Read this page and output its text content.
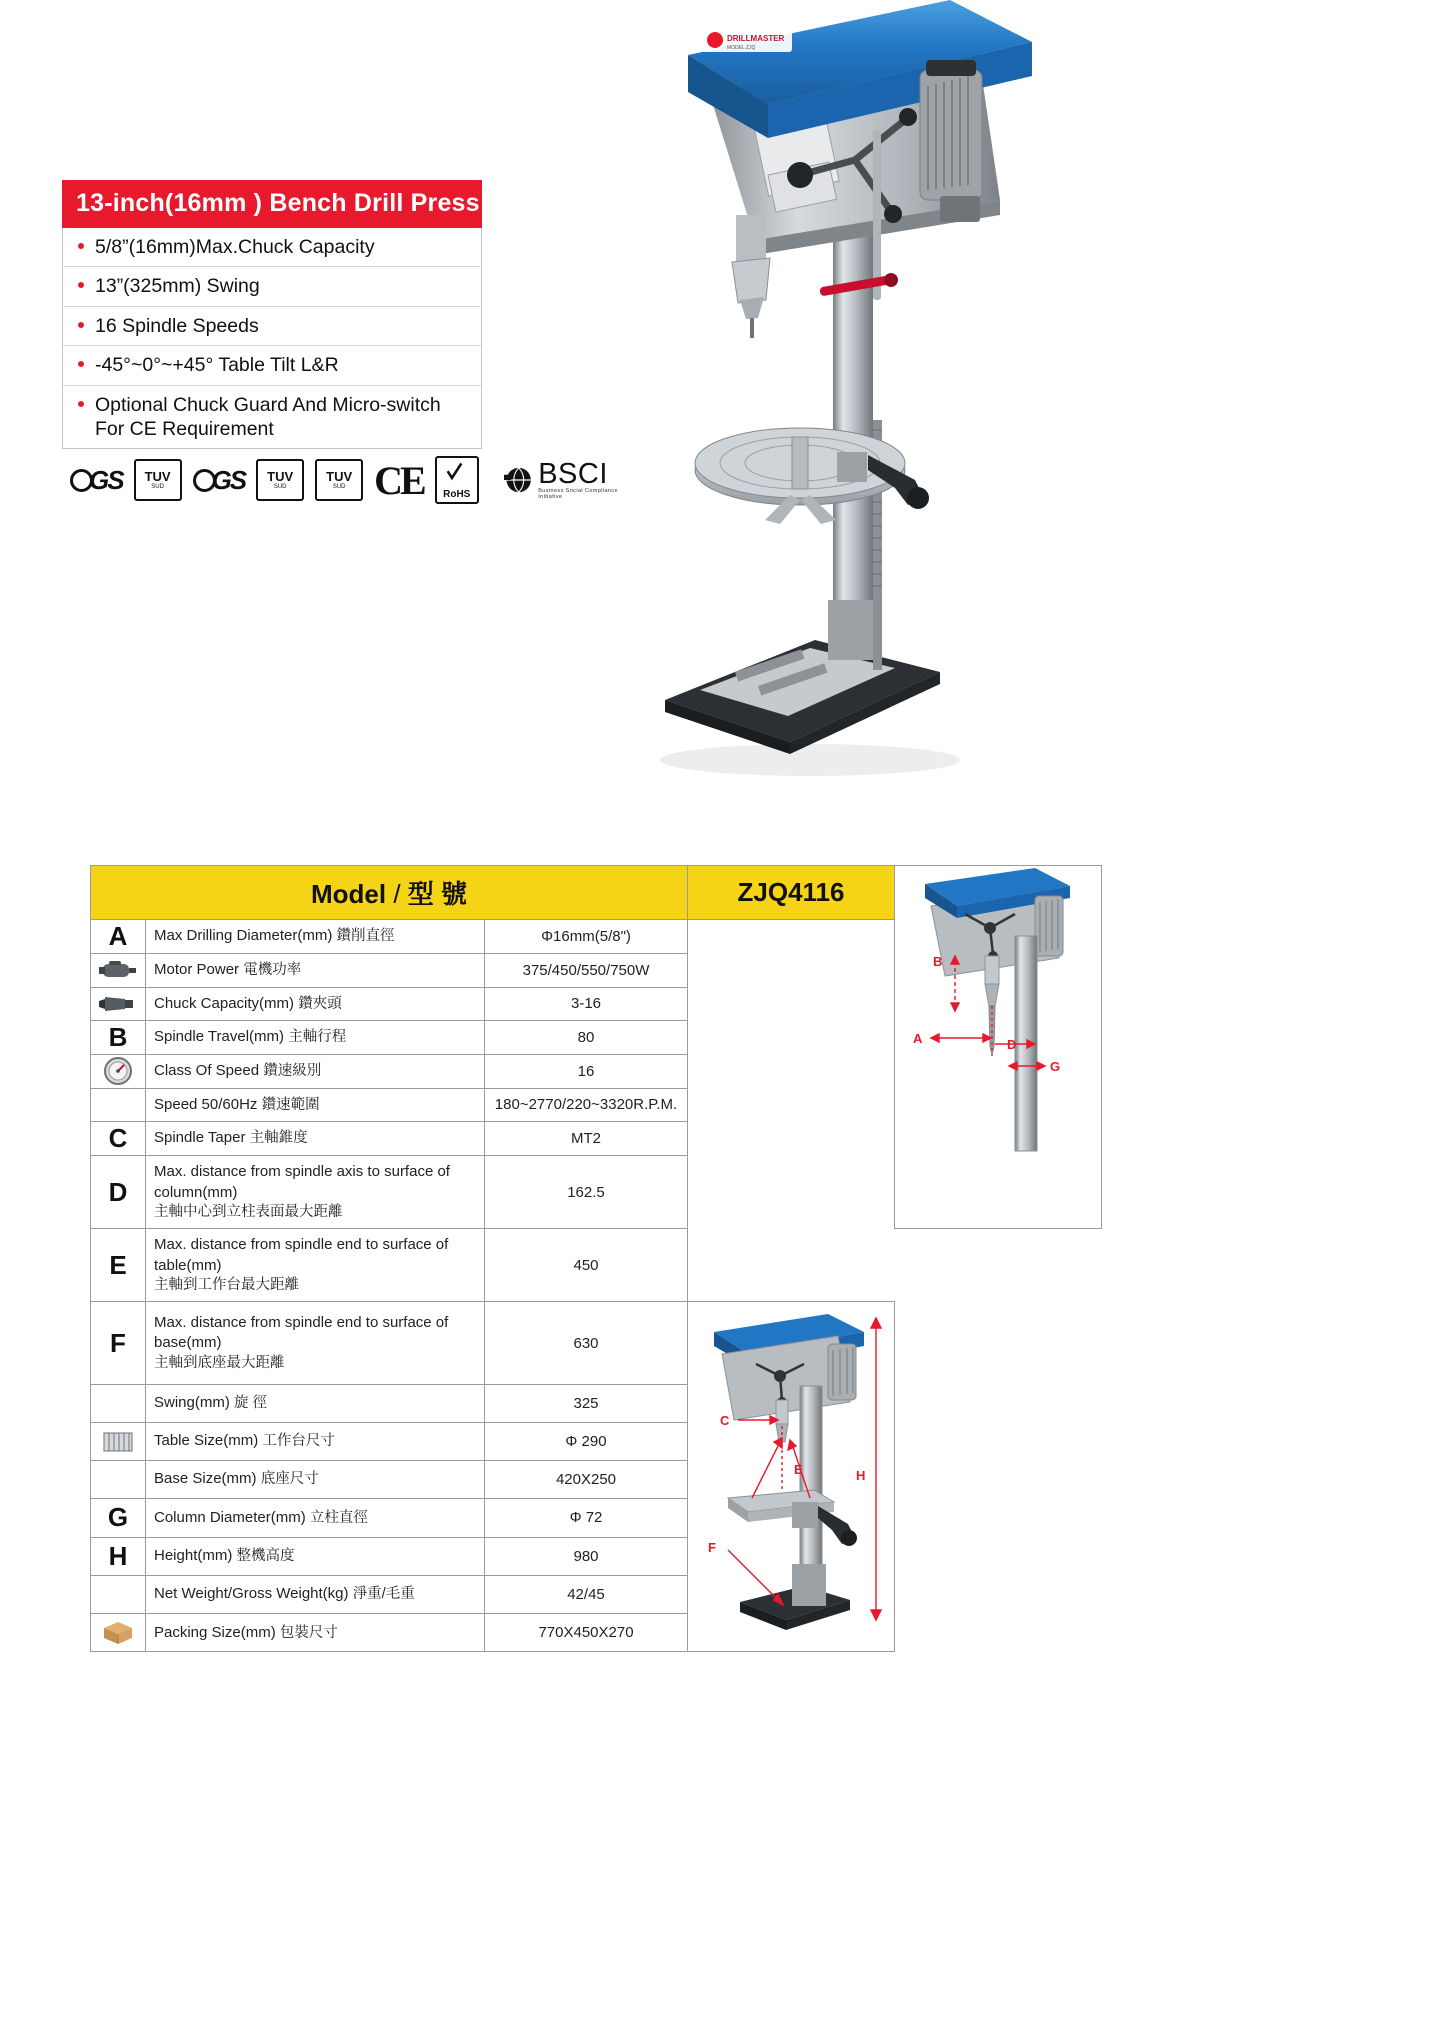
DRILLMASTER
MODEL ZJQ
13-inch(16mm ) Bench Drill Press
5/8”(16mm)Max.Chuck Capacity
13”(325mm) Swing
16 Spindle Speeds
-45°~0°~+45° Table Tilt L&R
Optional Chuck Guard And Micro-switch For CE Requirement
GS TUV
SUD GS TUV
SUD
TUV
SUD CE RoHS
BSCI
Business Social Compliance Initiative
Model / 型 號			ZJQ4116	B
A D
G

A	Max Drilling Diameter(mm) 鑽削直徑	Φ16mm(5/8")		

	Motor Power 電機功率	375/450/550/750W		

	Chuck Capacity(mm) 鑽夾頭	3-16		
B	Spindle Travel(mm) 主軸行程	80		

	Class Of Speed 鑽速級別	16		
	Speed 50/60Hz 鑽速範圍	180~2770/220~3320R.P.M.		
C	Spindle Taper 主軸錐度	MT2		
D	Max. distance from spindle axis to surface of column(mm)
主軸中心到立柱表面最大距離	162.5		
E	Max. distance from spindle end to surface of table(mm)
主軸到工作台最大距離	450		
F	
Max. distance from spindle end to surface of base(mm)
主軸到底座最大距離
	630	
C
E
F
H

	Swing(mm) 旋 徑	325		

	Table Size(mm) 工作台尺寸	Φ 290		
	Base Size(mm) 底座尺寸	420X250		
G	Column Diameter(mm) 立柱直徑	Φ 72		
H	Height(mm) 整機高度	980		
	Net Weight/Gross Weight(kg) 淨重/毛重	42/45		

	Packing Size(mm) 包裝尺寸	770X450X270		
